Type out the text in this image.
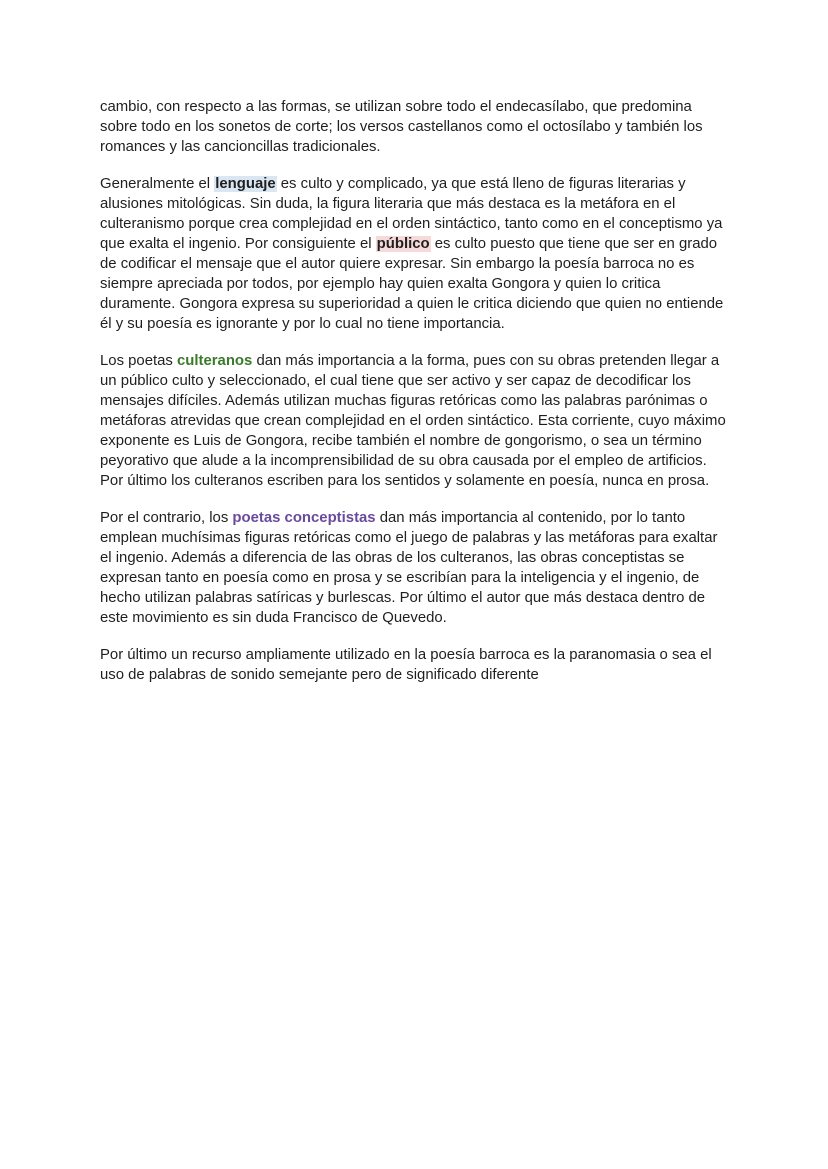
cambio, con respecto a las formas, se utilizan sobre todo el endecasílabo, que predomina sobre todo en los sonetos de corte; los versos castellanos como el octosílabo y también los romances y las cancioncillas tradicionales.

Generalmente el lenguaje es culto y complicado, ya que está lleno de figuras literarias y alusiones mitológicas. Sin duda, la figura literaria que más destaca es la metáfora en el culteranismo porque crea complejidad en el orden sintáctico, tanto como en el conceptismo ya que exalta el ingenio. Por consiguiente el público es culto puesto que tiene que ser en grado de codificar el mensaje que el autor quiere expresar. Sin embargo la poesía barroca no es siempre apreciada por todos, por ejemplo hay quien exalta Gongora y quien lo critica duramente. Gongora expresa su superioridad a quien le critica diciendo que quien no entiende él y su poesía es ignorante y por lo cual no tiene importancia.

Los poetas culteranos dan más importancia a la forma, pues con su obras pretenden llegar a un público culto y seleccionado, el cual tiene que ser activo y ser capaz de decodificar los mensajes difíciles. Además utilizan muchas figuras retóricas como las palabras parónimas o metáforas atrevidas que crean complejidad en el orden sintáctico. Esta corriente, cuyo máximo exponente es Luis de Gongora, recibe también el nombre de gongorismo, o sea un término peyorativo que alude a la incomprensibilidad de su obra causada por el empleo de artificios. Por último los culteranos escriben para los sentidos y solamente en poesía, nunca en prosa.

Por el contrario, los poetas conceptistas dan más importancia al contenido, por lo tanto emplean muchísimas figuras retóricas como el juego de palabras y las metáforas para exaltar el ingenio. Además a diferencia de las obras de los culteranos, las obras conceptistas se expresan tanto en poesía como en prosa y se escribían para la inteligencia y el ingenio, de hecho utilizan palabras satíricas y burlescas. Por último el autor que más destaca dentro de este movimiento es sin duda Francisco de Quevedo.

Por último un recurso ampliamente utilizado en la poesía barroca es la paranomasia o sea el uso de palabras de sonido semejante pero de significado diferente
